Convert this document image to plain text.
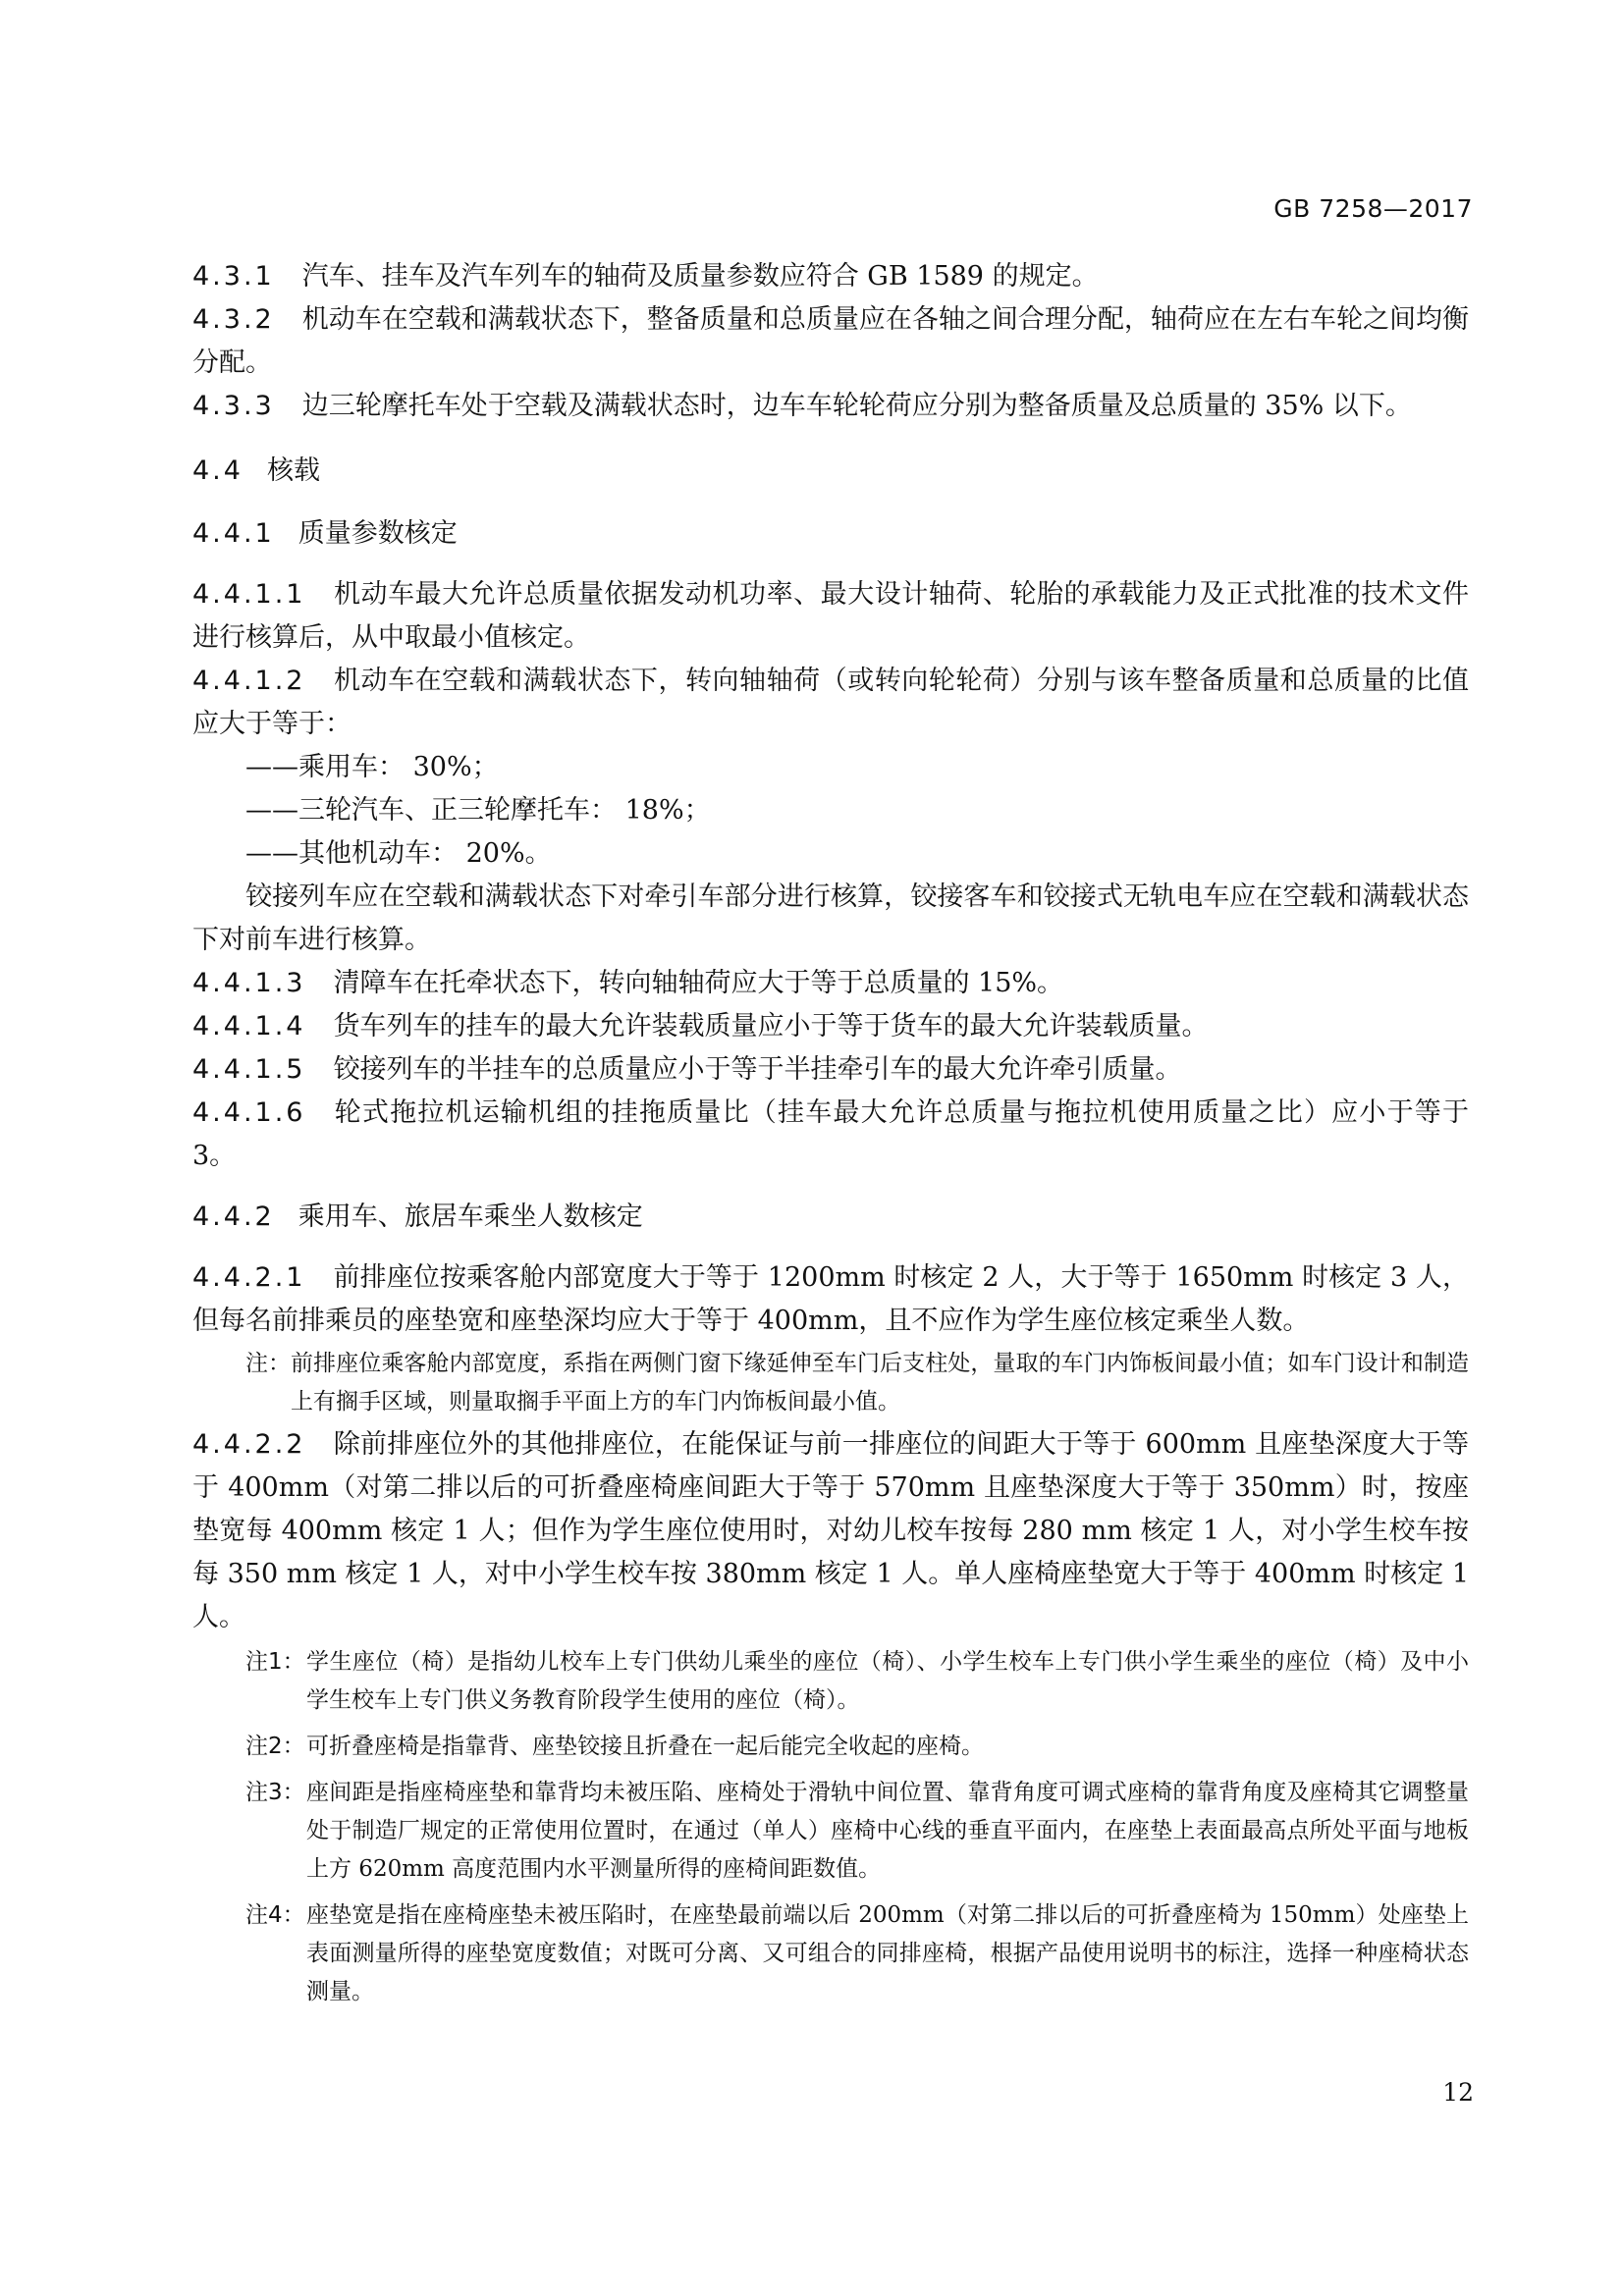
GB 7258—2017
4.3.1 汽车、挂车及汽车列车的轴荷及质量参数应符合 GB 1589 的规定。
4.3.2 机动车在空载和满载状态下，整备质量和总质量应在各轴之间合理分配，轴荷应在左右车轮之间均衡分配。
4.3.3 边三轮摩托车处于空载及满载状态时，边车车轮轮荷应分别为整备质量及总质量的 35% 以下。
4.4 核载
4.4.1 质量参数核定
4.4.1.1 机动车最大允许总质量依据发动机功率、最大设计轴荷、轮胎的承载能力及正式批准的技术文件进行核算后，从中取最小值核定。
4.4.1.2 机动车在空载和满载状态下，转向轴轴荷（或转向轮轮荷）分别与该车整备质量和总质量的比值应大于等于：
——乘用车： 30%；
——三轮汽车、正三轮摩托车： 18%；
——其他机动车： 20%。
铰接列车应在空载和满载状态下对牵引车部分进行核算，铰接客车和铰接式无轨电车应在空载和满载状态下对前车进行核算。
4.4.1.3 清障车在托牵状态下，转向轴轴荷应大于等于总质量的 15%。
4.4.1.4 货车列车的挂车的最大允许装载质量应小于等于货车的最大允许装载质量。
4.4.1.5 铰接列车的半挂车的总质量应小于等于半挂牵引车的最大允许牵引质量。
4.4.1.6 轮式拖拉机运输机组的挂拖质量比（挂车最大允许总质量与拖拉机使用质量之比）应小于等于 3。
4.4.2 乘用车、旅居车乘坐人数核定
4.4.2.1 前排座位按乘客舱内部宽度大于等于 1200mm 时核定 2 人，大于等于 1650mm 时核定 3 人，但每名前排乘员的座垫宽和座垫深均应大于等于 400mm，且不应作为学生座位核定乘坐人数。
注： 前排座位乘客舱内部宽度，系指在两侧门窗下缘延伸至车门后支柱处，量取的车门内饰板间最小值；如车门设计和制造上有搁手区域，则量取搁手平面上方的车门内饰板间最小值。
4.4.2.2 除前排座位外的其他排座位，在能保证与前一排座位的间距大于等于 600mm 且座垫深度大于等于 400mm（对第二排以后的可折叠座椅座间距大于等于 570mm 且座垫深度大于等于 350mm）时，按座垫宽每 400mm 核定 1 人；但作为学生座位使用时，对幼儿校车按每 280 mm 核定 1 人，对小学生校车按每 350 mm 核定 1 人，对中小学生校车按 380mm 核定 1 人。单人座椅座垫宽大于等于 400mm 时核定 1 人。
注1： 学生座位（椅）是指幼儿校车上专门供幼儿乘坐的座位（椅）、小学生校车上专门供小学生乘坐的座位（椅）及中小学生校车上专门供义务教育阶段学生使用的座位（椅）。
注2： 可折叠座椅是指靠背、座垫铰接且折叠在一起后能完全收起的座椅。
注3： 座间距是指座椅座垫和靠背均未被压陷、座椅处于滑轨中间位置、靠背角度可调式座椅的靠背角度及座椅其它调整量处于制造厂规定的正常使用位置时，在通过（单人）座椅中心线的垂直平面内，在座垫上表面最高点所处平面与地板上方 620mm 高度范围内水平测量所得的座椅间距数值。
注4： 座垫宽是指在座椅座垫未被压陷时，在座垫最前端以后 200mm（对第二排以后的可折叠座椅为 150mm）处座垫上表面测量所得的座垫宽度数值；对既可分离、又可组合的同排座椅，根据产品使用说明书的标注，选择一种座椅状态测量。
12
